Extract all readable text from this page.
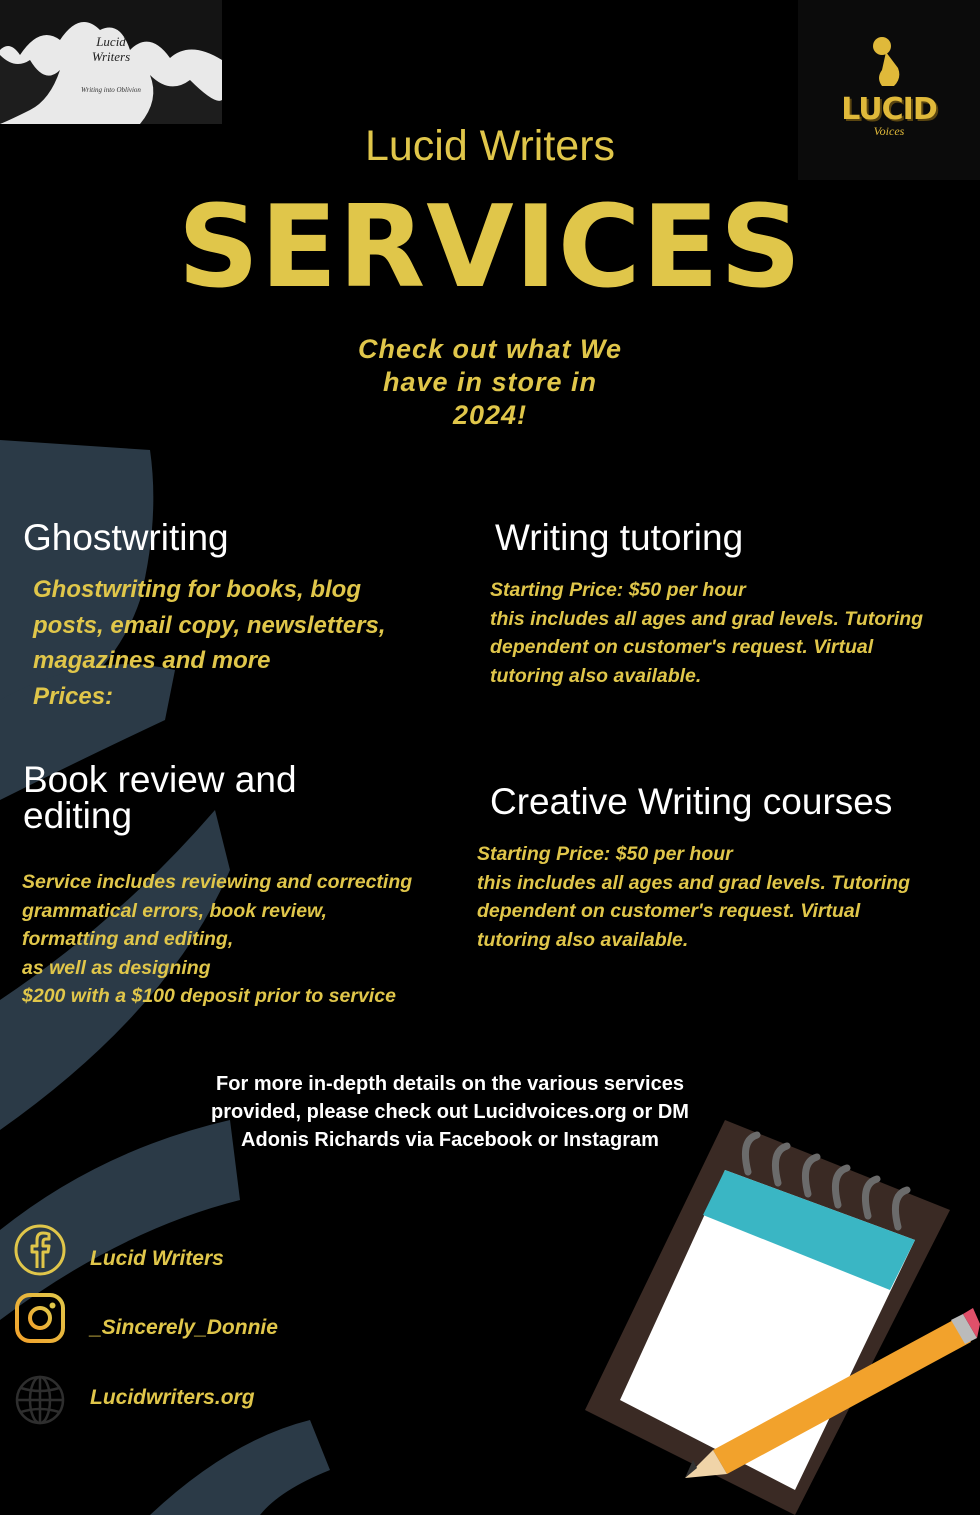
Lucid
Writers
Writing into Oblivion
LUCID
Voices
Lucid Writers
SERVICES
Check out what We
have in store in
2024!
Ghostwriting
Ghostwriting for books, blog
posts, email copy, newsletters,
magazines and more
Prices:
Writing tutoring
Starting Price: $50 per hour
this includes all ages and grad levels. Tutoring
dependent on customer's request. Virtual
tutoring also available.
Book review and
editing
Service includes reviewing and correcting
grammatical errors, book review,
formatting and editing,
as well as designing
$200 with a $100 deposit prior to service
Creative Writing courses
Starting Price: $50 per hour
this includes all ages and grad levels. Tutoring
dependent on customer's request. Virtual
tutoring also available.
For more in-depth details on the various services
provided, please check out Lucidvoices.org or DM
Adonis Richards via Facebook or Instagram
Lucid Writers
_Sincerely_Donnie
Lucidwriters.org
